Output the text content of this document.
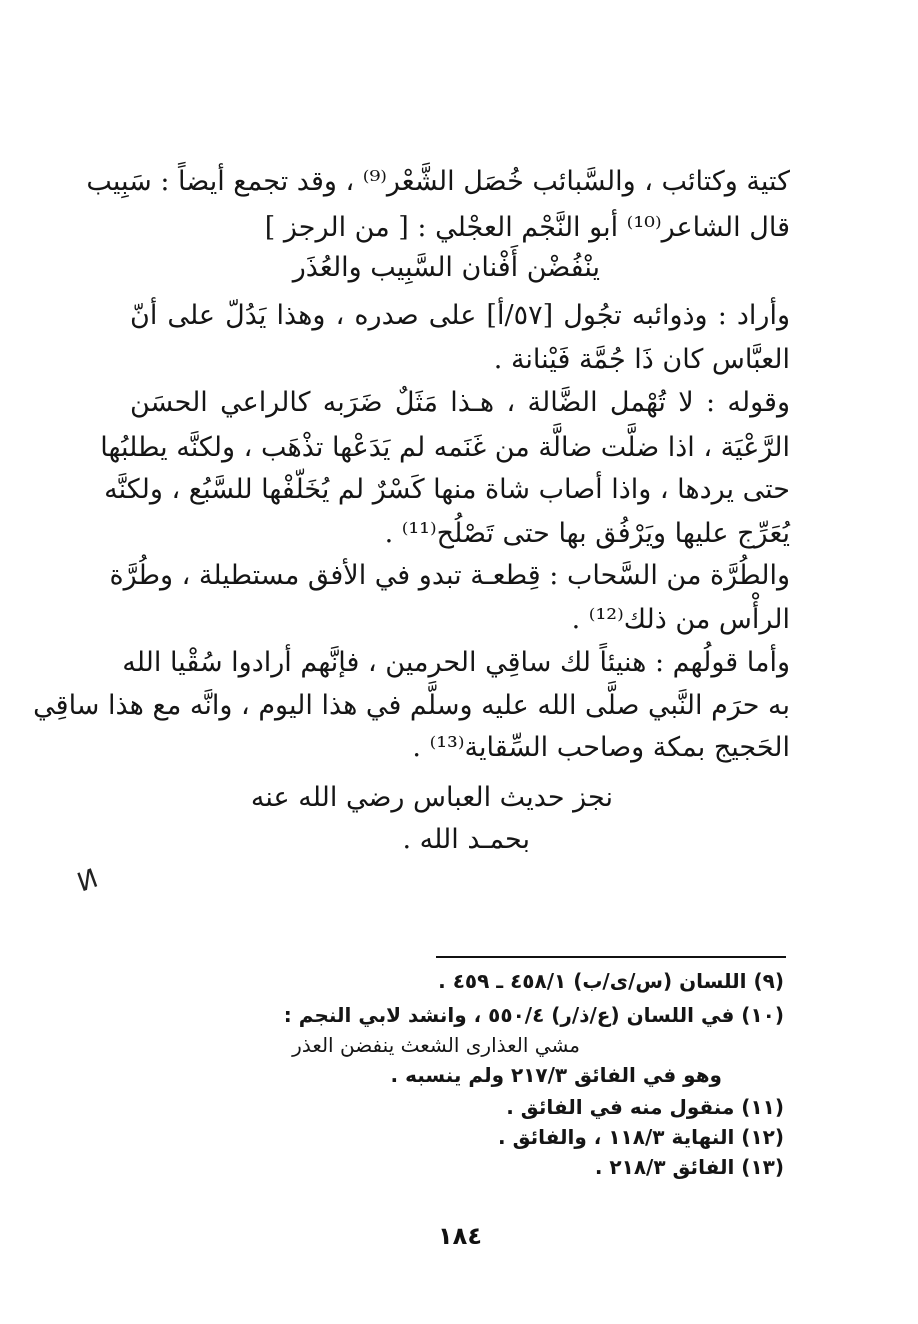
كتية وكتائب ، والسَّبائب خُصَل الشَّعْر⁽⁹⁾ ، وقد تجمع أيضاً : سَبِيب
قال الشاعر⁽¹⁰⁾ أبو النَّجْم العجْلي : [ من الرجز ]
ينْفُضْن أَفْنان السَّبِيب والعُذَر
وأراد : وذوائبه تجُول [٥٧/أ] على صدره ، وهذا يَدُلّ على أنّ
العبَّاس كان ذَا جُمَّة فَيْنانة .
وقوله : لا تُهْمل الضَّالة ، هـذا مَثَلٌ ضَرَبه كالراعي الحسَن
الرَّعْيَة ، اذا ضلَّت ضالَّة من غَنَمه لم يَدَعْها تذْهَب ، ولكنَّه يطلبُها
حتى يردها ، واذا أصاب شاة منها كَسْرٌ لم يُخَلّفْها للسَّبُع ، ولكنَّه
يُعَرِّج عليها ويَرْفُق بها حتى تَصْلُح⁽¹¹⁾ .
والطُرَّة من السَّحاب : قِطعـة تبدو في الأفق مستطيلة ، وطُرَّة
الرأْس من ذلك⁽¹²⁾ .
وأما قولُهم : هنيئاً لك ساقِي الحرمين ، فإنَّهم أرادوا سُقْيا الله
به حرَم النَّبي صلَّى الله عليه وسلَّم في هذا اليوم ، وانَّه مع هذا ساقِي
الحَجيج بمكة وصاحب السِّقاية⁽¹³⁾ .
نجز حديث العباس رضي الله عنه
بحمـد الله .
ⵍ
(٩) اللسان (س/ى/ب) ٤٥٨/١ ـ ٤٥٩ .
(١٠) في اللسان (ع/ذ/ر) ٥٥٠/٤ ، وانشد لابي النجم :
مشي العذارى الشعث ينفضن العذر
وهو في الفائق ٢١٧/٣ ولم ينسبه .
(١١) منقول منه في الفائق .
(١٢) النهاية ١١٨/٣ ، والفائق .
(١٣) الفائق ٢١٨/٣ .
١٨٤
